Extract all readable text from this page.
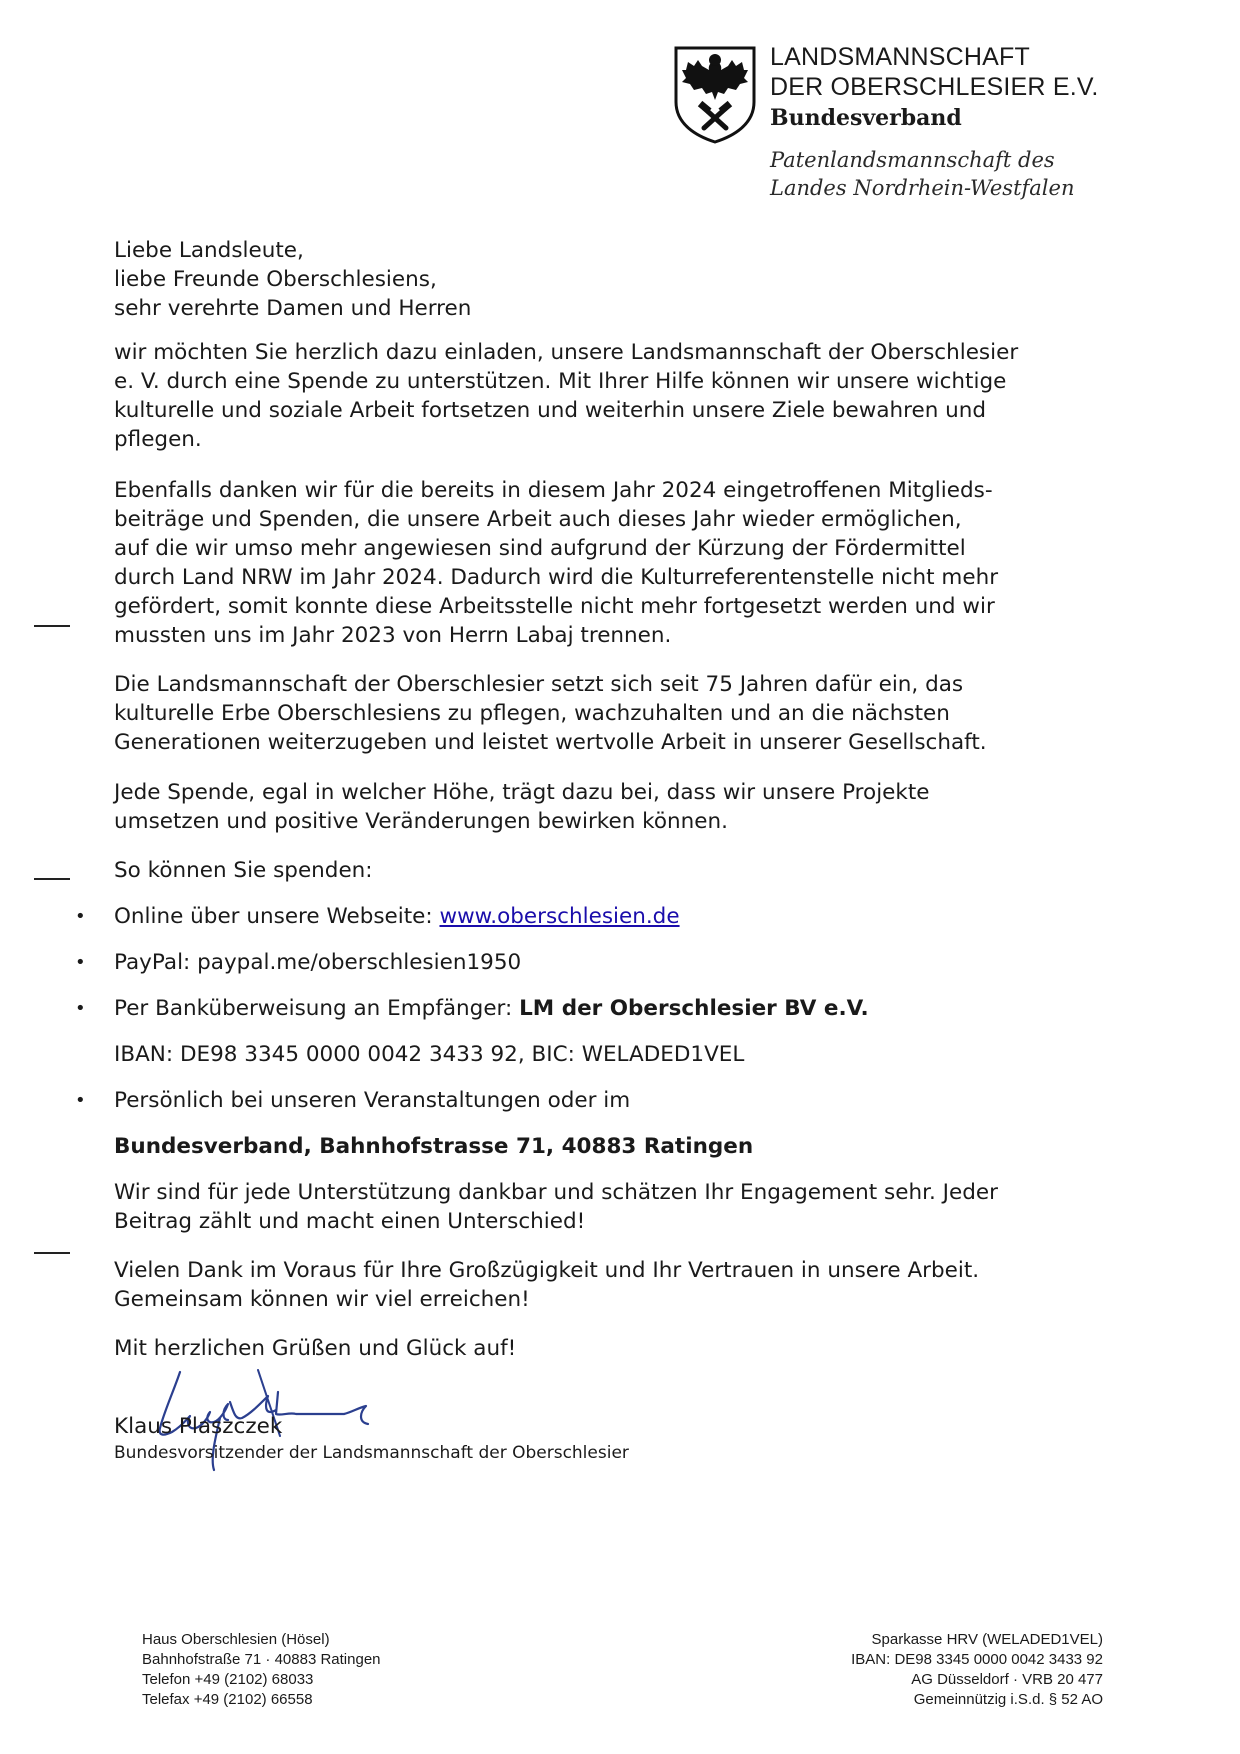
LANDSMANNSCHAFT
DER OBERSCHLESIER E.V.
Bundesverband
Patenlandsmannschaft des
Landes Nordrhein-Westfalen
Liebe Landsleute,
liebe Freunde Oberschlesiens,
sehr verehrte Damen und Herren
wir möchten Sie herzlich dazu einladen, unsere Landsmannschaft der Oberschlesier
e. V. durch eine Spende zu unterstützen. Mit Ihrer Hilfe können wir unsere wichtige
kulturelle und soziale Arbeit fortsetzen und weiterhin unsere Ziele bewahren und
pflegen.
Ebenfalls danken wir für die bereits in diesem Jahr 2024 eingetroffenen Mitglieds-
beiträge und Spenden, die unsere Arbeit auch dieses Jahr wieder ermöglichen,
auf die wir umso mehr angewiesen sind aufgrund der Kürzung der Fördermittel
durch Land NRW im Jahr 2024. Dadurch wird die Kulturreferentenstelle nicht mehr
gefördert, somit konnte diese Arbeitsstelle nicht mehr fortgesetzt werden und wir
mussten uns im Jahr 2023 von Herrn Labaj trennen.
Die Landsmannschaft der Oberschlesier setzt sich seit 75 Jahren dafür ein, das
kulturelle Erbe Oberschlesiens zu pflegen, wachzuhalten und an die nächsten
Generationen weiterzugeben und leistet wertvolle Arbeit in unserer Gesellschaft.
Jede Spende, egal in welcher Höhe, trägt dazu bei, dass wir unsere Projekte
umsetzen und positive Veränderungen bewirken können.
So können Sie spenden:
• Online über unsere Webseite: www.oberschlesien.de
• PayPal: paypal.me/oberschlesien1950
• Per Banküberweisung an Empfänger: LM der Oberschlesier BV e.V.
IBAN: DE98 3345 0000 0042 3433 92, BIC: WELADED1VEL
• Persönlich bei unseren Veranstaltungen oder im
Bundesverband, Bahnhofstrasse 71, 40883 Ratingen
Wir sind für jede Unterstützung dankbar und schätzen Ihr Engagement sehr. Jeder
Beitrag zählt und macht einen Unterschied!
Vielen Dank im Voraus für Ihre Großzügigkeit und Ihr Vertrauen in unsere Arbeit.
Gemeinsam können wir viel erreichen!
Mit herzlichen Grüßen und Glück auf!
Klaus Plaszczek
Bundesvorsitzender der Landsmannschaft der Oberschlesier
Haus Oberschlesien (Hösel)
Bahnhofstraße 71 · 40883 Ratingen
Telefon +49 (2102) 68033
Telefax +49 (2102) 66558
Sparkasse HRV (WELADED1VEL)
IBAN: DE98 3345 0000 0042 3433 92
AG Düsseldorf · VRB 20 477
Gemeinnützig i.S.d. § 52 AO
